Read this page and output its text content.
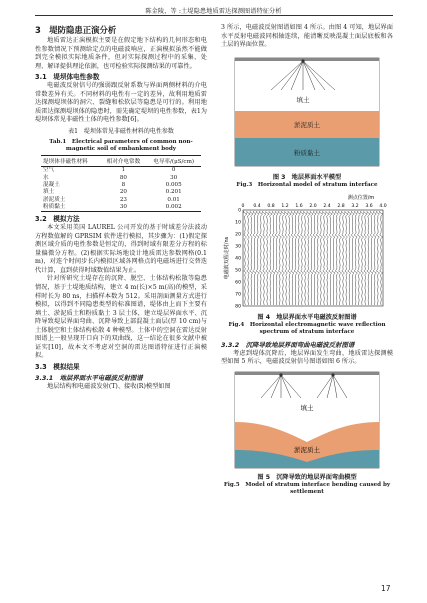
陈金陵，等 :土堤隐患地质雷达探测图谱特征分析
3　堤防隐患正演分析

地质雷达正演模拟主要是在假定地下结构的几何形态和电性参数情况下预测给定点的电磁波响应，正演模拟虽然不能做到完全模拟实际地质条件，但对实际探测过程中的采集、处理、解译提供理论依据，也可检验实际探测结果的可靠性。

3.1　堤坝体电性参数

电磁波反射信号的强弱跟反射系数与界面两侧材料的介电常数差异有关。不同材料的电性有一定的差异，故利用地质雷达探测堤坝体的洞穴、裂缝和松软层等隐患是可行的。利用地质雷达探测堤坝体的隐患时，需先确定堤坝的电性参数，表1为堤坝体常见非磁性土体的电性参数[6]。

表1　堤坝体常见非磁性材料的电性参数
Tab.1　Electrical parameters of common non-magnetic soil of embankment body
堤坝体非磁性材料	相对介电常数	电导率/(μS/cm)
空气	1	0
水	80	30
混凝土	8	0.005
填土	20	0.201
淤泥质土	23	0.01
粉质黏土	30	0.002
3.2　模拟方法

本文采用美国 LAUREL 公司开发的基于时域差分法波动方程数值解的 GPRSIM 软件进行模拟，其步骤为：(1)假定探测区域介质的电性参数是恒定的，得到时域有限差分方程的标量偏微分方程。(2)根据实际场地设计地质雷达参数网格(0.1 m)，对连个时间步长内模拟区域各网格点的电磁场进行交替迭代计算，直到获得时域数值结果为止。

针对所研究土堤存在的沉降、脱空、土体结构松散等隐患情况，基于土堤地质结构，建立 4 m(长)×5 m(高)的模型，采样时长为 80 ns，扫描样本数为 512。采用剖面测量方式进行模拟，以得到不同隐患类型的标准图谱，堤体由上而下主要有填土、淤泥质土和粉质黏土 3 层土体，建立堤层界面水平、沉降导致堤层界面弯曲、沉降导致上部混凝土面层(厚 10 cm)与土体脱空和土体结构松散 4 种模型。土体中的空洞在雷达反射图谱上一般呈现开口向下的双曲线，这一结论在很多文献中被证实[10]，故本文不考虑对空洞的雷达图谱特征进行正演模拟。

3.3　模拟结果
3.3.1　地层界面水平电磁波反射图谱

地层结构和电磁波发射(T)、接收(R)模型如图

3 所示，电磁波反射图谱如图 4 所示。由图 4 可知，地层界面水平反射电磁波同相轴连续，能清晰反映混凝土面层底板和各土层的界面位置。

填土
淤泥质土
粉质黏土
图 3　地层界面水平模型
Fig.3　Horizontal model of stratum interface
测点位置/m
0 0.4 0.8 1.2 1.6 2.0 2.4 2.8 3.2 3.6 4.0
0
10
20
30
40
50
60
70
80
电磁波双程走时/ns
图 4　地层界面水平电磁波反射图谱
Fig.4　Horizontal electromagnetic wave reflection spectrum of stratum interface
3.3.2　沉降导致地层界面弯曲电磁波反射图谱

考虑到堤体沉降后，地层界面发生弯曲，地质雷达探测模型如图 5 所示，电磁波反射信号图谱如图 6 所示。

填土
淤泥质土
图 5　沉降导致的地层界面弯曲模型
Fig.5　Model of stratum interface bending caused by settlement
17
